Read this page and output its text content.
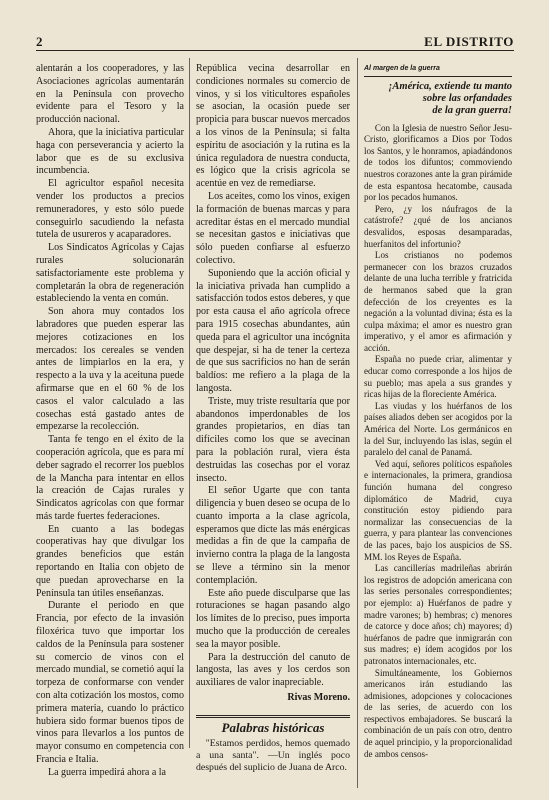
2	EL DISTRITO

alentarán a los cooperadores, y las Asociaciones agrícolas aumentarán en la Península con provecho evidente para el Tesoro y la producción nacional.

Ahora, que la iniciativa particular haga con perseverancia y acierto la labor que es de su exclusiva incumbencia.

El agricultor español necesita vender los productos a precios remuneradores, y esto sólo puede conseguirlo sacudiendo la nefasta tutela de usureros y acaparadores.

Los Sindicatos Agrícolas y Cajas rurales solucionarán satisfactoriamente este problema y completarán la obra de regeneración estableciendo la venta en común.

Son ahora muy contados los labradores que pueden esperar las mejores cotizaciones en los mercados: los cereales se venden antes de limpiarlos en la era, y respecto a la uva y la aceituna puede afirmarse que en el 60 % de los casos el valor calculado a las cosechas está gastado antes de empezarse la recolección.

Tanta fe tengo en el éxito de la cooperación agrícola, que es para mí deber sagrado el recorrer los pueblos de la Mancha para intentar en ellos la creación de Cajas rurales y Sindicatos agrícolas con que formar más tarde fuertes federaciones.

En cuanto a las bodegas cooperativas hay que divulgar los grandes beneficios que están reportando en Italia con objeto de que puedan aprovecharse en la Península tan útiles enseñanzas.

Durante el periodo en que Francia, por efecto de la invasión filoxérica tuvo que importar los caldos de la Península para sostener su comercio de vinos con el mercado mundial, se cometió aquí la torpeza de conformarse con vender con alta cotización los mostos, como primera materia, cuando lo práctico hubiera sido formar buenos tipos de vinos para llevarlos a los puntos de mayor consumo en competencia con Francia e Italia.

La guerra impedirá ahora a la

República vecina desarrollar en condiciones normales su comercio de vinos, y si los viticultores españoles se asocian, la ocasión puede ser propicia para buscar nuevos mercados a los vinos de la Península; si falta espíritu de asociación y la rutina es la única reguladora de nuestra conducta, es lógico que la crisis agrícola se acentúe en vez de remediarse.

Los aceites, como los vinos, exigen la formación de buenas marcas y para acreditar éstas en el mercado mundial se necesitan gastos e iniciativas que sólo pueden confiarse al esfuerzo colectivo.

Suponiendo que la acción oficial y la iniciativa privada han cumplido a satisfacción todos estos deberes, y que por esta causa el año agrícola ofrece para 1915 cosechas abundantes, aún queda para el agricultor una incógnita que despejar, si ha de tener la certeza de que sus sacrificios no han de serán baldíos: me refiero a la plaga de la langosta.

Triste, muy triste resultaría que por abandonos imperdonables de los grandes propietarios, en días tan difíciles como los que se avecinan para la población rural, viera ésta destruidas las cosechas por el voraz insecto.

El señor Ugarte que con tanta diligencia y buen deseo se ocupa de lo cuanto importa a la clase agrícola, esperamos que dicte las más enérgicas medidas a fin de que la campaña de invierno contra la plaga de la langosta se lleve a término sin la menor contemplación.

Este año puede disculparse que las roturaciones se hagan pasando algo los límites de lo preciso, pues importa mucho que la producción de cereales sea la mayor posible.

Para la destrucción del canuto de langosta, las aves y los cerdos son auxiliares de valor inapreciable.

Rivas Moreno.
Palabras históricas

"Estamos perdidos, hemos quemado a una santa". —Un inglés poco después del suplicio de Juana de Arco.

Al margen de la guerra
¡América, extiende tu manto
sobre las orfandades
de la gran guerra!

Con la Iglesia de nuestro Señor Jesu-Cristo, glorificamos a Dios por Todos los Santos, y le honramos, apiadándonos de todos los difuntos; commoviendo nuestros corazones ante la gran pirámide de esta espantosa hecatombe, causada por los pecados humanos.

Pero, ¿y los náufragos de la catástrofe? ¿qué de los ancianos desvalidos, esposas desamparadas, huerfanitos del infortunio?

Los cristianos no podemos permanecer con los brazos cruzados delante de una lucha terrible y fratricida de hermanos sabed que la gran defección de los creyentes es la negación a la voluntad divina; ésta es la culpa máxima; el amor es nuestro gran imperativo, y el amor es afirmación y acción.

España no puede criar, alimentar y educar como corresponde a los hijos de su pueblo; mas apela a sus grandes y ricas hijas de la floreciente América.

Las viudas y los huérfanos de los países aliados deben ser acogidos por la América del Norte. Los germánicos en la del Sur, incluyendo las islas, según el paralelo del canal de Panamá.

Ved aquí, señores políticos españoles e internacionales, la primera, grandiosa función humana del congreso diplomático de Madrid, cuya constitución estoy pidiendo para normalizar las consecuencias de la guerra, y para plantear las convenciones de las paces, bajo los auspicios de SS. MM. los Reyes de España.

Las cancillerías madrileñas abrirán los registros de adopción americana con las series personales correspondientes; por ejemplo: a) Huérfanos de padre y madre varones; b) hembras; c) menores de catorce y doce años; ch) mayores; d) huérfanos de padre que inmigrarán con sus madres; e) ídem acogidos por los patronatos internacionales, etc.

Simultáneamente, los Gobiernos americanos irán estudiando las admisiones, adopciones y colocaciones de las series, de acuerdo con los respectivos embajadores. Se buscará la combinación de un país con otro, dentro de aquel principio, y la proporcionalidad de ambos censos-
